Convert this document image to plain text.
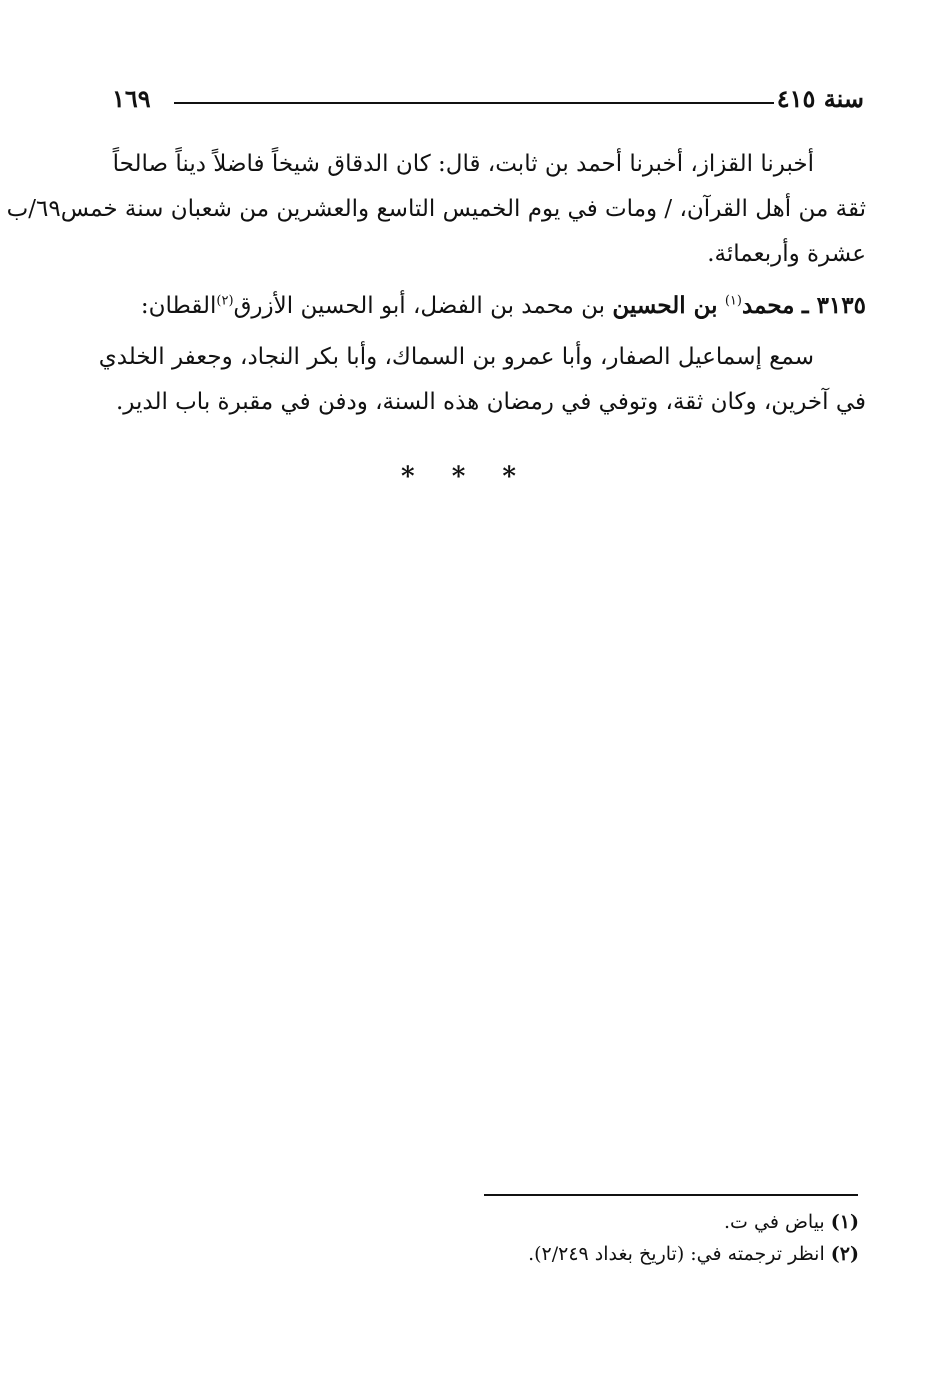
١٦٩	سنة ٤١٥
أخبرنا القزاز، أخبرنا أحمد بن ثابت، قال: كان الدقاق شيخاً فاضلاً ديناً صالحاً
ثقة من أهل القرآن، / ومات في يوم الخميس التاسع والعشرين من شعبان سنة خمس
٦٩/ب
عشرة وأربعمائة.
٣١٣٥ ـ محمد$^{(١)}$ بن الحسين بن محمد بن الفضل، أبو الحسين الأزرق$^{(٢)}$القطان:
سمع إسماعيل الصفار، وأبا عمرو بن السماك، وأبا بكر النجاد، وجعفر الخلدي
في آخرين، وكان ثقة، وتوفي في رمضان هذه السنة، ودفن في مقبرة باب الدير.
* * *
(١) بياض في ت.
(٢) انظر ترجمته في: (تاريخ بغداد ٢/٢٤٩).
